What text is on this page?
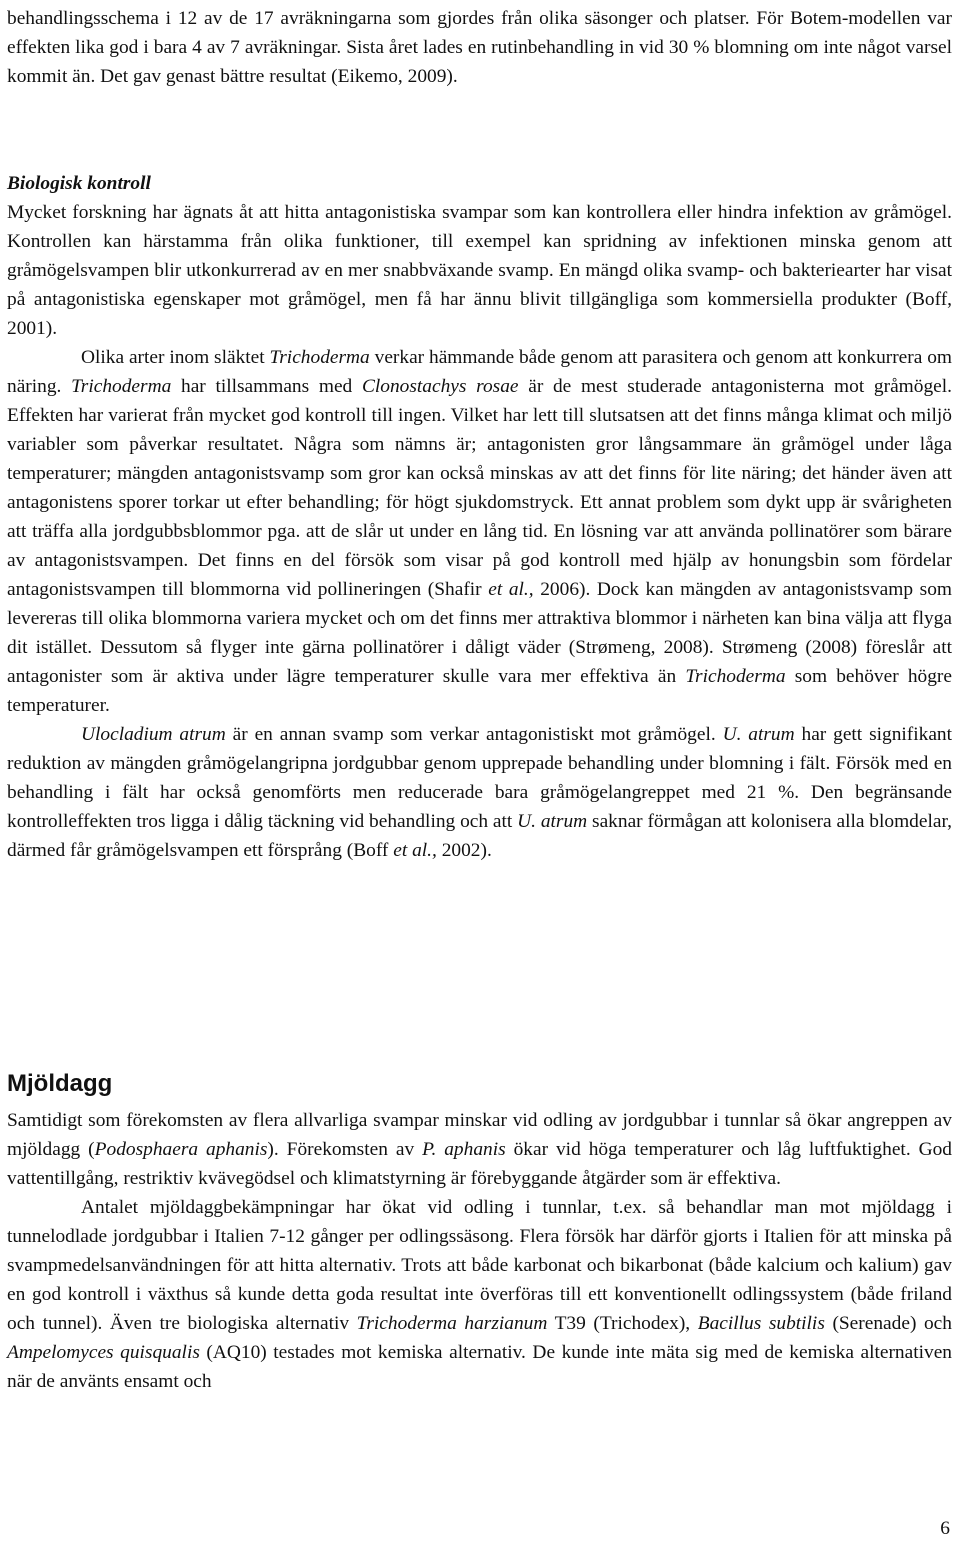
behandlingsschema i 12 av de 17 avräkningarna som gjordes från olika säsonger och platser. För Botem-modellen var effekten lika god i bara 4 av 7 avräkningar. Sista året lades en rutinbehandling in vid 30 % blomning om inte något varsel kommit än. Det gav genast bättre resultat (Eikemo, 2009).

Biologisk kontroll

Mycket forskning har ägnats åt att hitta antagonistiska svampar som kan kontrollera eller hindra infektion av gråmögel. Kontrollen kan härstamma från olika funktioner, till exempel kan spridning av infektionen minska genom att gråmögelsvampen blir utkonkurrerad av en mer snabbväxande svamp. En mängd olika svamp- och bakteriearter har visat på antagonistiska egenskaper mot gråmögel, men få har ännu blivit tillgängliga som kommersiella produkter (Boff, 2001).

Olika arter inom släktet Trichoderma verkar hämmande både genom att parasitera och genom att konkurrera om näring. Trichoderma har tillsammans med Clonostachys rosae är de mest studerade antagonisterna mot gråmögel. Effekten har varierat från mycket god kontroll till ingen. Vilket har lett till slutsatsen att det finns många klimat och miljö variabler som påverkar resultatet. Några som nämns är; antagonisten gror långsammare än gråmögel under låga temperaturer; mängden antagonistsvamp som gror kan också minskas av att det finns för lite näring; det händer även att antagonistens sporer torkar ut efter behandling; för högt sjukdomstryck. Ett annat problem som dykt upp är svårigheten att träffa alla jordgubbsblommor pga. att de slår ut under en lång tid. En lösning var att använda pollinatörer som bärare av antagonistsvampen. Det finns en del försök som visar på god kontroll med hjälp av honungsbin som fördelar antagonistsvampen till blommorna vid pollineringen (Shafir et al., 2006). Dock kan mängden av antagonistsvamp som levereras till olika blommorna variera mycket och om det finns mer attraktiva blommor i närheten kan bina välja att flyga dit istället. Dessutom så flyger inte gärna pollinatörer i dåligt väder (Strømeng, 2008). Strømeng (2008) föreslår att antagonister som är aktiva under lägre temperaturer skulle vara mer effektiva än Trichoderma som behöver högre temperaturer.

Ulocladium atrum är en annan svamp som verkar antagonistiskt mot gråmögel. U. atrum har gett signifikant reduktion av mängden gråmögelangripna jordgubbar genom upprepade behandling under blomning i fält. Försök med en behandling i fält har också genomförts men reducerade bara gråmögelangreppet med 21 %. Den begränsande kontrolleffekten tros ligga i dålig täckning vid behandling och att U. atrum saknar förmågan att kolonisera alla blomdelar, därmed får gråmögelsvampen ett försprång (Boff et al., 2002).

Mjöldagg

Samtidigt som förekomsten av flera allvarliga svampar minskar vid odling av jordgubbar i tunnlar så ökar angreppen av mjöldagg (Podosphaera aphanis). Förekomsten av P. aphanis ökar vid höga temperaturer och låg luftfuktighet. God vattentillgång, restriktiv kvävegödsel och klimatstyrning är förebyggande åtgärder som är effektiva.

Antalet mjöldaggbekämpningar har ökat vid odling i tunnlar, t.ex. så behandlar man mot mjöldagg i tunnelodlade jordgubbar i Italien 7-12 gånger per odlingssäsong. Flera försök har därför gjorts i Italien för att minska på svampmedelsanvändningen för att hitta alternativ. Trots att både karbonat och bikarbonat (både kalcium och kalium) gav en god kontroll i växthus så kunde detta goda resultat inte överföras till ett konventionellt odlingssystem (både friland och tunnel). Även tre biologiska alternativ Trichoderma harzianum T39 (Trichodex), Bacillus subtilis (Serenade) och Ampelomyces quisqualis (AQ10) testades mot kemiska alternativ. De kunde inte mäta sig med de kemiska alternativen när de använts ensamt och

6
